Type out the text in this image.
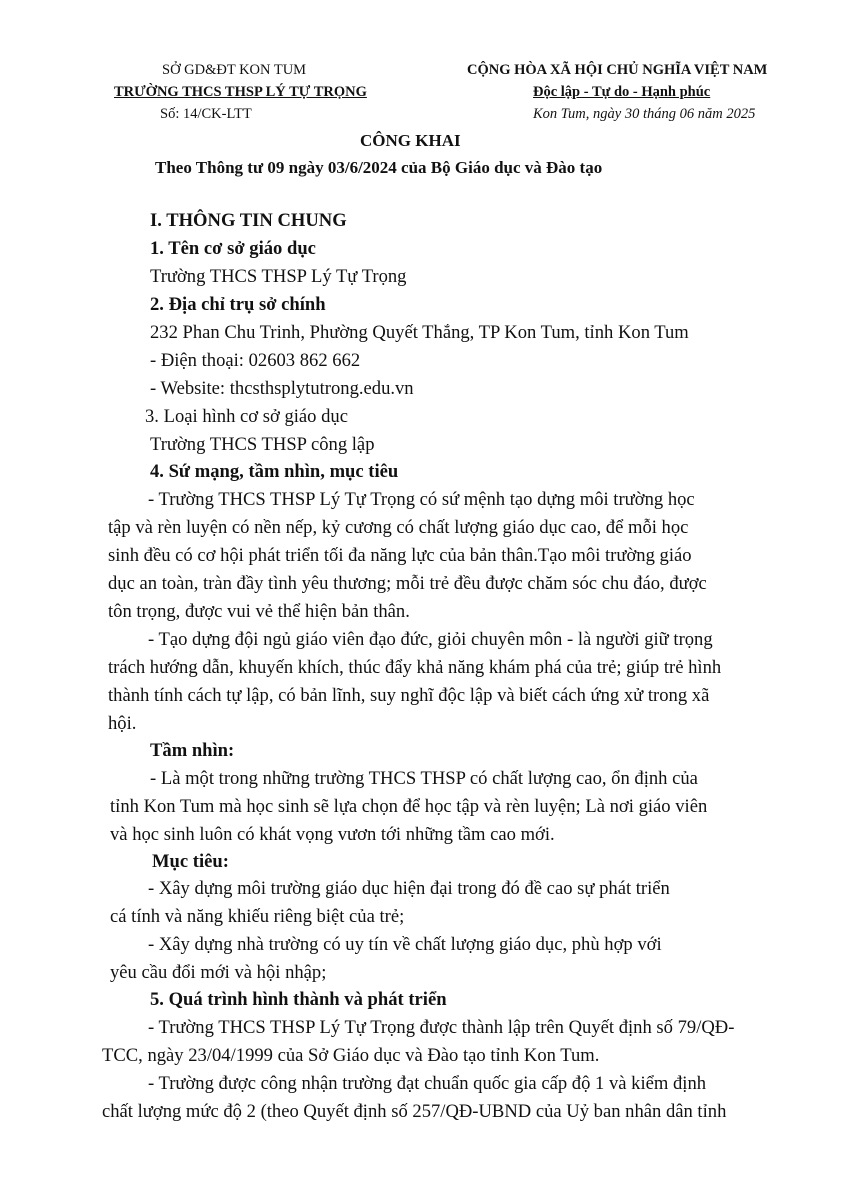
SỞ GD&ĐT KON TUM
TRƯỜNG THCS THSP LÝ TỰ TRỌNG
Số: 14/CK-LTT
CỘNG HÒA XÃ HỘI CHỦ NGHĨA VIỆT NAM
Độc lập - Tự do - Hạnh phúc
Kon Tum, ngày 30 tháng 06 năm 2025
CÔNG KHAI
Theo Thông tư 09 ngày 03/6/2024 của Bộ Giáo dục và Đào tạo
I. THÔNG TIN CHUNG
1. Tên cơ sở giáo dục
Trường THCS THSP Lý Tự Trọng
2. Địa chỉ trụ sở chính
232 Phan Chu Trinh, Phường Quyết Thắng, TP Kon Tum, tỉnh Kon Tum
- Điện thoại: 02603 862 662
- Website: thcsthsplytutrong.edu.vn
3. Loại hình cơ sở giáo dục
Trường THCS THSP công lập
4. Sứ mạng, tầm nhìn, mục tiêu
- Trường THCS THSP Lý Tự Trọng có sứ mệnh tạo dựng môi trường học
tập và rèn luyện có nền nếp, kỷ cương có chất lượng giáo dục cao, để mỗi học
sinh đều có cơ hội phát triển tối đa năng lực của bản thân.Tạo môi trường giáo
dục an toàn, tràn đầy tình yêu thương; mỗi trẻ đều được chăm sóc chu đáo, được
tôn trọng, được vui vẻ thể hiện bản thân.
- Tạo dựng đội ngủ giáo viên đạo đức, giỏi chuyên môn - là người giữ trọng
trách hướng dẫn, khuyến khích, thúc đẩy khả năng khám phá của trẻ; giúp trẻ hình
thành tính cách tự lập, có bản lĩnh, suy nghĩ độc lập và biết cách ứng xử trong xã
hội.
Tầm nhìn:
- Là một trong những trường THCS THSP có chất lượng cao, ổn định của
tỉnh Kon Tum mà học sinh sẽ lựa chọn để học tập và rèn luyện; Là nơi giáo viên
và học sinh luôn có khát vọng vươn tới những tầm cao mới.
Mục tiêu:
- Xây dựng môi trường giáo dục hiện đại trong đó đề cao sự phát triển
cá tính và năng khiếu riêng biệt của trẻ;
- Xây dựng nhà trường có uy tín về chất lượng giáo dục, phù hợp với
yêu cầu đổi mới và hội nhập;
5. Quá trình hình thành và phát triển
- Trường THCS THSP Lý Tự Trọng được thành lập trên Quyết định số 79/QĐ-
TCC, ngày 23/04/1999 của Sở Giáo dục và Đào tạo tỉnh Kon Tum.
- Trường được công nhận trường đạt chuẩn quốc gia cấp độ 1 và kiểm định
chất lượng mức độ 2 (theo Quyết định số 257/QĐ-UBND của Uỷ ban nhân dân tỉnh
